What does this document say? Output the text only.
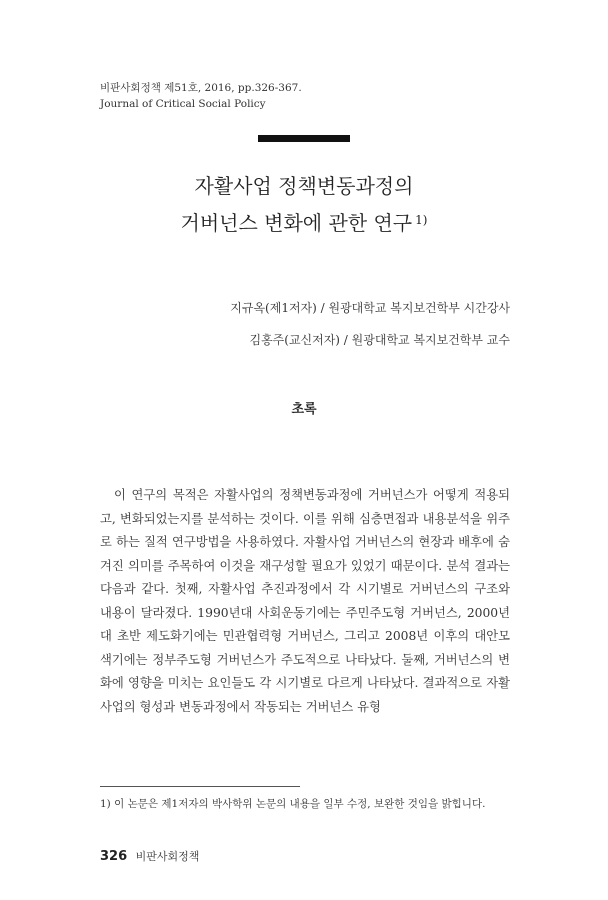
비판사회정책 제51호, 2016, pp.326-367.
Journal of Critical Social Policy
자활사업 정책변동과정의
거버넌스 변화에 관한 연구 $^{1)}$
지규옥(제1저자) / 원광대학교 복지보건학부 시간강사
김홍주(교신저자) / 원광대학교 복지보건학부 교수
초록

이 연구의 목적은 자활사업의 정책변동과정에 거버넌스가 어떻게 적용되고, 변화되었는지를 분석하는 것이다. 이를 위해 심층면접과 내용분석을 위주로 하는 질적 연구방법을 사용하였다. 자활사업 거버넌스의 현장과 배후에 숨겨진 의미를 주목하여 이것을 재구성할 필요가 있었기 때문이다. 분석 결과는 다음과 같다. 첫째, 자활사업 추진과정에서 각 시기별로 거버넌스의 구조와 내용이 달라졌다. 1990년대 사회운동기에는 주민주도형 거버넌스, 2000년대 초반 제도화기에는 민관협력형 거버넌스, 그리고 2008년 이후의 대안모색기에는 정부주도형 거버넌스가 주도적으로 나타났다. 둘째, 거버넌스의 변화에 영향을 미치는 요인들도 각 시기별로 다르게 나타났다. 결과적으로 자활사업의 형성과 변동과정에서 작동되는 거버넌스 유형

1) 이 논문은 제1저자의 박사학위 논문의 내용을 일부 수정, 보완한 것임을 밝힙니다.

326 비판사회정책
